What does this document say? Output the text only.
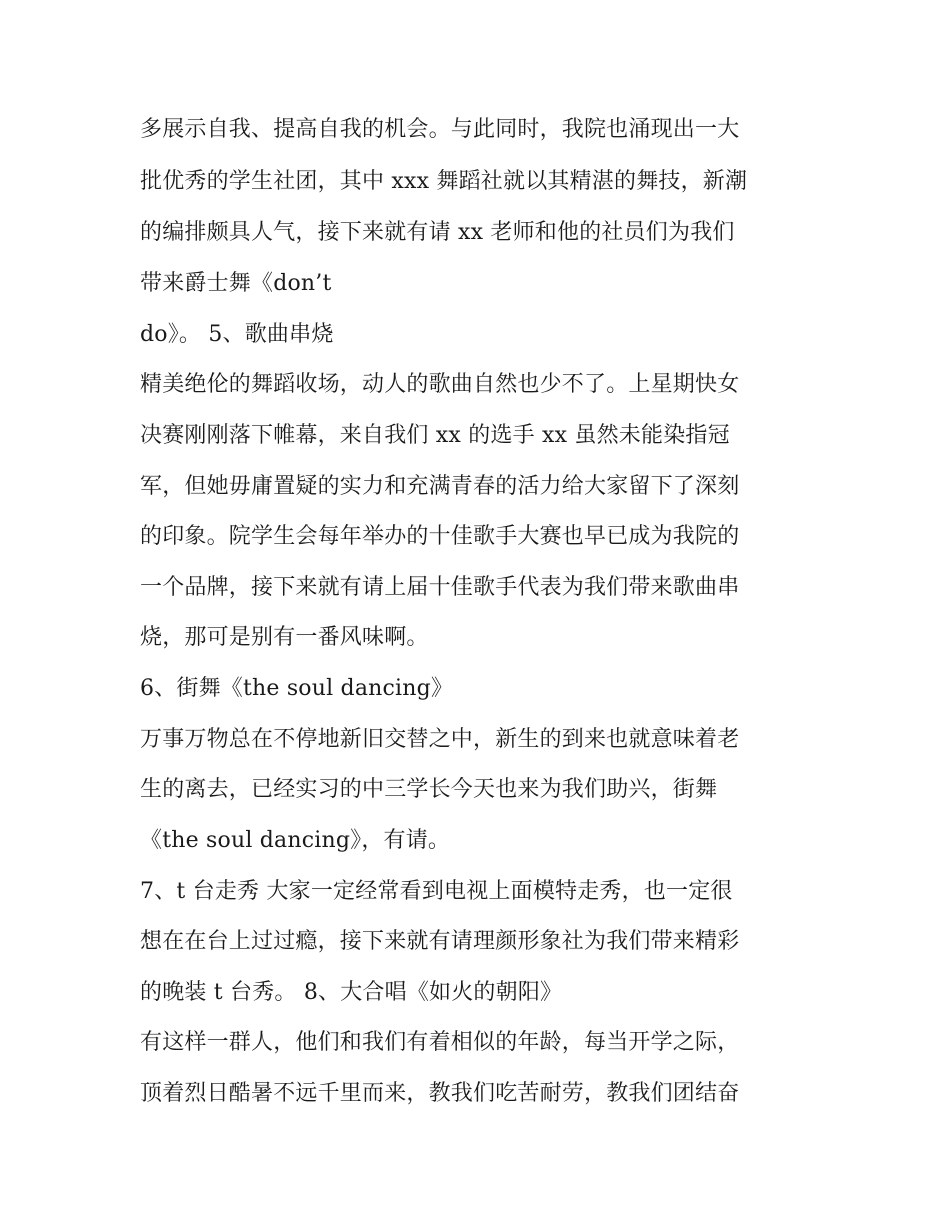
多展示自我、提高自我的机会。与此同时，我院也涌现出一大
批优秀的学生社团，其中 xxx 舞蹈社就以其精湛的舞技，新潮
的编排颇具人气，接下来就有请 xx 老师和他的社员们为我们
带来爵士舞《don’t
do》。 5、歌曲串烧
精美绝伦的舞蹈收场，动人的歌曲自然也少不了。上星期快女
决赛刚刚落下帷幕，来自我们 xx 的选手 xx 虽然未能染指冠
军，但她毋庸置疑的实力和充满青春的活力给大家留下了深刻
的印象。院学生会每年举办的十佳歌手大赛也早已成为我院的
一个品牌，接下来就有请上届十佳歌手代表为我们带来歌曲串
烧，那可是别有一番风味啊。
6、街舞《the soul dancing》
万事万物总在不停地新旧交替之中，新生的到来也就意味着老
生的离去，已经实习的中三学长今天也来为我们助兴，街舞
《the soul dancing》，有请。
7、t 台走秀 大家一定经常看到电视上面模特走秀，也一定很
想在在台上过过瘾，接下来就有请理颜形象社为我们带来精彩
的晚装 t 台秀。 8、大合唱《如火的朝阳》
有这样一群人，他们和我们有着相似的年龄，每当开学之际，
顶着烈日酷暑不远千里而来，教我们吃苦耐劳，教我们团结奋
